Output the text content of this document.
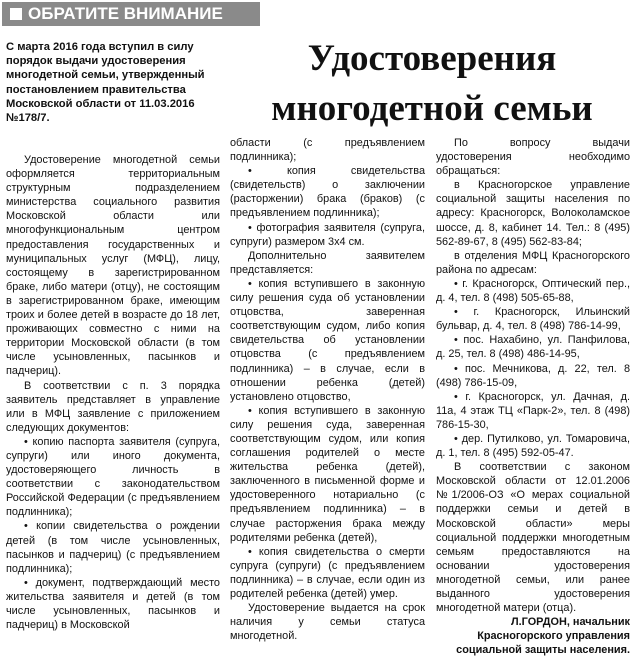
ОБРАТИТЕ ВНИМАНИЕ
С марта 2016 года вступил в силу порядок выдачи удостоверения многодетной семьи, утвержденный постановлением правительства Московской области от 11.03.2016 №178/7.
Удостоверения
многодетной семьи

Удостоверение многодетной семьи оформляется территориальным структурным подразделением министерства социального развития Московской области или многофункциональным центром предоставления государственных и муниципальных услуг (МФЦ), лицу, состоящему в зарегистрированном браке, либо матери (отцу), не состоящим в зарегистрированном браке, имеющим троих и более детей в возрасте до 18 лет, проживающих совместно с ними на территории Московской области (в том числе усыновленных, пасынков и падчериц).

В соответствии с п. 3 порядка заявитель представляет в управление или в МФЦ заявление с приложением следующих документов:

• копию паспорта заявителя (супруга, супруги) или иного документа, удостоверяющего личность в соответствии с законодательством Российской Федерации (с предъявлением подлинника);

• копии свидетельства о рождении детей (в том числе усыновленных, пасынков и падчериц) (с предъявлением подлинника);

• документ, подтверждающий место жительства заявителя и детей (в том числе усыновленных, пасынков и падчериц) в Московской

области (с предъявлением подлинника);

• копия свидетельства (свидетельств) о заключении (расторжении) брака (браков) (с предъявлением подлинника);

• фотография заявителя (супруга, супруги) размером 3х4 см.

Дополнительно заявителем представляется:

• копия вступившего в законную силу решения суда об установлении отцовства, заверенная соответствующим судом, либо копия свидетельства об установлении отцовства (с предъявлением подлинника) – в случае, если в отношении ребенка (детей) установлено отцовство,

• копия вступившего в законную силу решения суда, заверенная соответствующим судом, или копия соглашения родителей о месте жительства ребенка (детей), заключенного в письменной форме и удостоверенного нотариально (с предъявлением подлинника) – в случае расторжения брака между родителями ребенка (детей),

• копия свидетельства о смерти супруга (супруги) (с предъявлением подлинника) – в случае, если один из родителей ребенка (детей) умер.

Удостоверение выдается на срок наличия у семьи статуса многодетной.

По вопросу выдачи удостоверения необходимо обращаться:

в Красногорское управление социальной защиты населения по адресу: Красногорск, Волоколамское шоссе, д. 8, кабинет 14. Тел.: 8 (495) 562-89-67, 8 (495) 562-83-84;

в отделения МФЦ Красногорского района по адресам:

• г. Красногорск, Оптический пер., д. 4, тел. 8 (498) 505-65-88,

• г. Красногорск, Ильинский бульвар, д. 4, тел. 8 (498) 786-14-99,

• пос. Нахабино, ул. Панфилова, д. 25, тел. 8 (498) 486-14-95,

• пос. Мечникова, д. 22, тел. 8 (498) 786-15-09,

• г. Красногорск, ул. Дачная, д. 11а, 4 этаж ТЦ «Парк-2», тел. 8 (498) 786-15-30,

• дер. Путилково, ул. Томаровича, д. 1, тел. 8 (495) 592-05-47.

В соответствии с законом Московской области от 12.01.2006 №1/2006-ОЗ «О мерах социальной поддержки семьи и детей в Московской области» меры социальной поддержки многодетным семьям предоставляются на основании удостоверения многодетной семьи, или ранее выданного удостоверения многодетной матери (отца).

Л.ГОРДОН, начальник

Красногорского управления

социальной защиты населения.
